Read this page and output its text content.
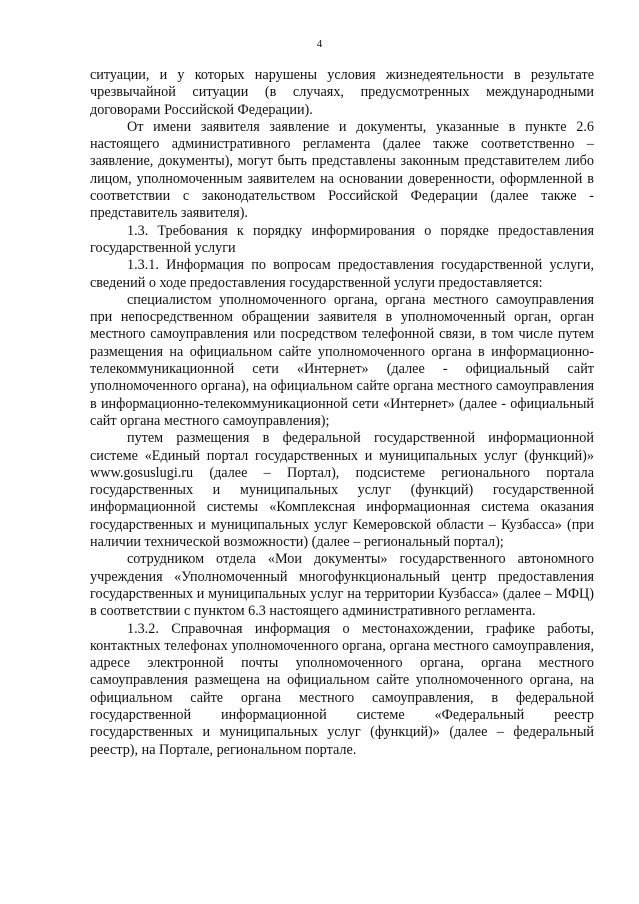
4

ситуации, и у которых нарушены условия жизнедеятельности в результате чрезвычайной ситуации (в случаях, предусмотренных международными договорами Российской Федерации).

От имени заявителя заявление и документы, указанные в пункте 2.6 настоящего административного регламента (далее также соответственно – заявление, документы), могут быть представлены законным представителем либо лицом, уполномоченным заявителем на основании доверенности, оформленной в соответствии с законодательством Российской Федерации (далее также - представитель заявителя).

1.3. Требования к порядку информирования о порядке предоставления государственной услуги

1.3.1. Информация по вопросам предоставления государственной услуги, сведений о ходе предоставления государственной услуги предоставляется:

специалистом уполномоченного органа, органа местного самоуправления при непосредственном обращении заявителя в уполномоченный орган, орган местного самоуправления или посредством телефонной связи, в том числе путем размещения на официальном сайте уполномоченного органа в информационно-телекоммуникационной сети «Интернет» (далее - официальный сайт уполномоченного органа), на официальном сайте органа местного самоуправления в информационно-телекоммуникационной сети «Интернет» (далее - официальный сайт органа местного самоуправления);

путем размещения в федеральной государственной информационной системе «Единый портал государственных и муниципальных услуг (функций)» www.gosuslugi.ru (далее – Портал), подсистеме регионального портала государственных и муниципальных услуг (функций) государственной информационной системы «Комплексная информационная система оказания государственных и муниципальных услуг Кемеровской области – Кузбасса» (при наличии технической возможности) (далее – региональный портал);

сотрудником отдела «Мои документы» государственного автономного учреждения «Уполномоченный многофункциональный центр предоставления государственных и муниципальных услуг на территории Кузбасса» (далее – МФЦ) в соответствии с пунктом 6.3 настоящего административного регламента.

1.3.2. Справочная информация о местонахождении, графике работы, контактных телефонах уполномоченного органа, органа местного самоуправления, адресе электронной почты уполномоченного органа, органа местного самоуправления размещена на официальном сайте уполномоченного органа, на официальном сайте органа местного самоуправления, в федеральной государственной информационной системе «Федеральный реестр государственных и муниципальных услуг (функций)» (далее – федеральный реестр), на Портале, региональном портале.
